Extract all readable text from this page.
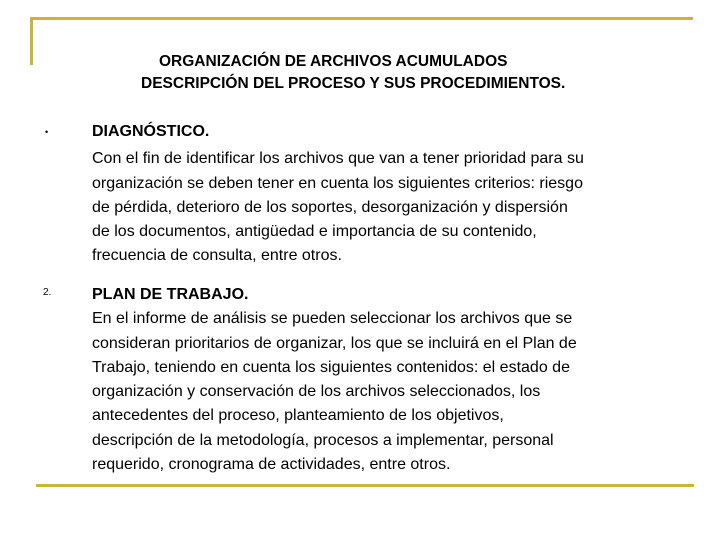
ORGANIZACIÓN DE ARCHIVOS ACUMULADOS
DESCRIPCIÓN DEL PROCESO Y SUS PROCEDIMIENTOS.
•	DIAGNÓSTICO.
Con el fin de identificar los archivos que van a tener prioridad para su
organización se deben tener en cuenta los siguientes criterios: riesgo
de pérdida, deterioro de los soportes, desorganización y dispersión
de los documentos, antigüedad e importancia de su contenido,
frecuencia de consulta, entre otros.
2.	PLAN DE TRABAJO.
En el informe de análisis se pueden seleccionar los archivos que se
consideran prioritarios de organizar, los que se incluirá en el Plan de
Trabajo, teniendo en cuenta los siguientes contenidos: el estado de
organización y conservación de los archivos seleccionados, los
antecedentes del proceso, planteamiento de los objetivos,
descripción de la metodología, procesos a implementar, personal
requerido, cronograma de actividades, entre otros.
